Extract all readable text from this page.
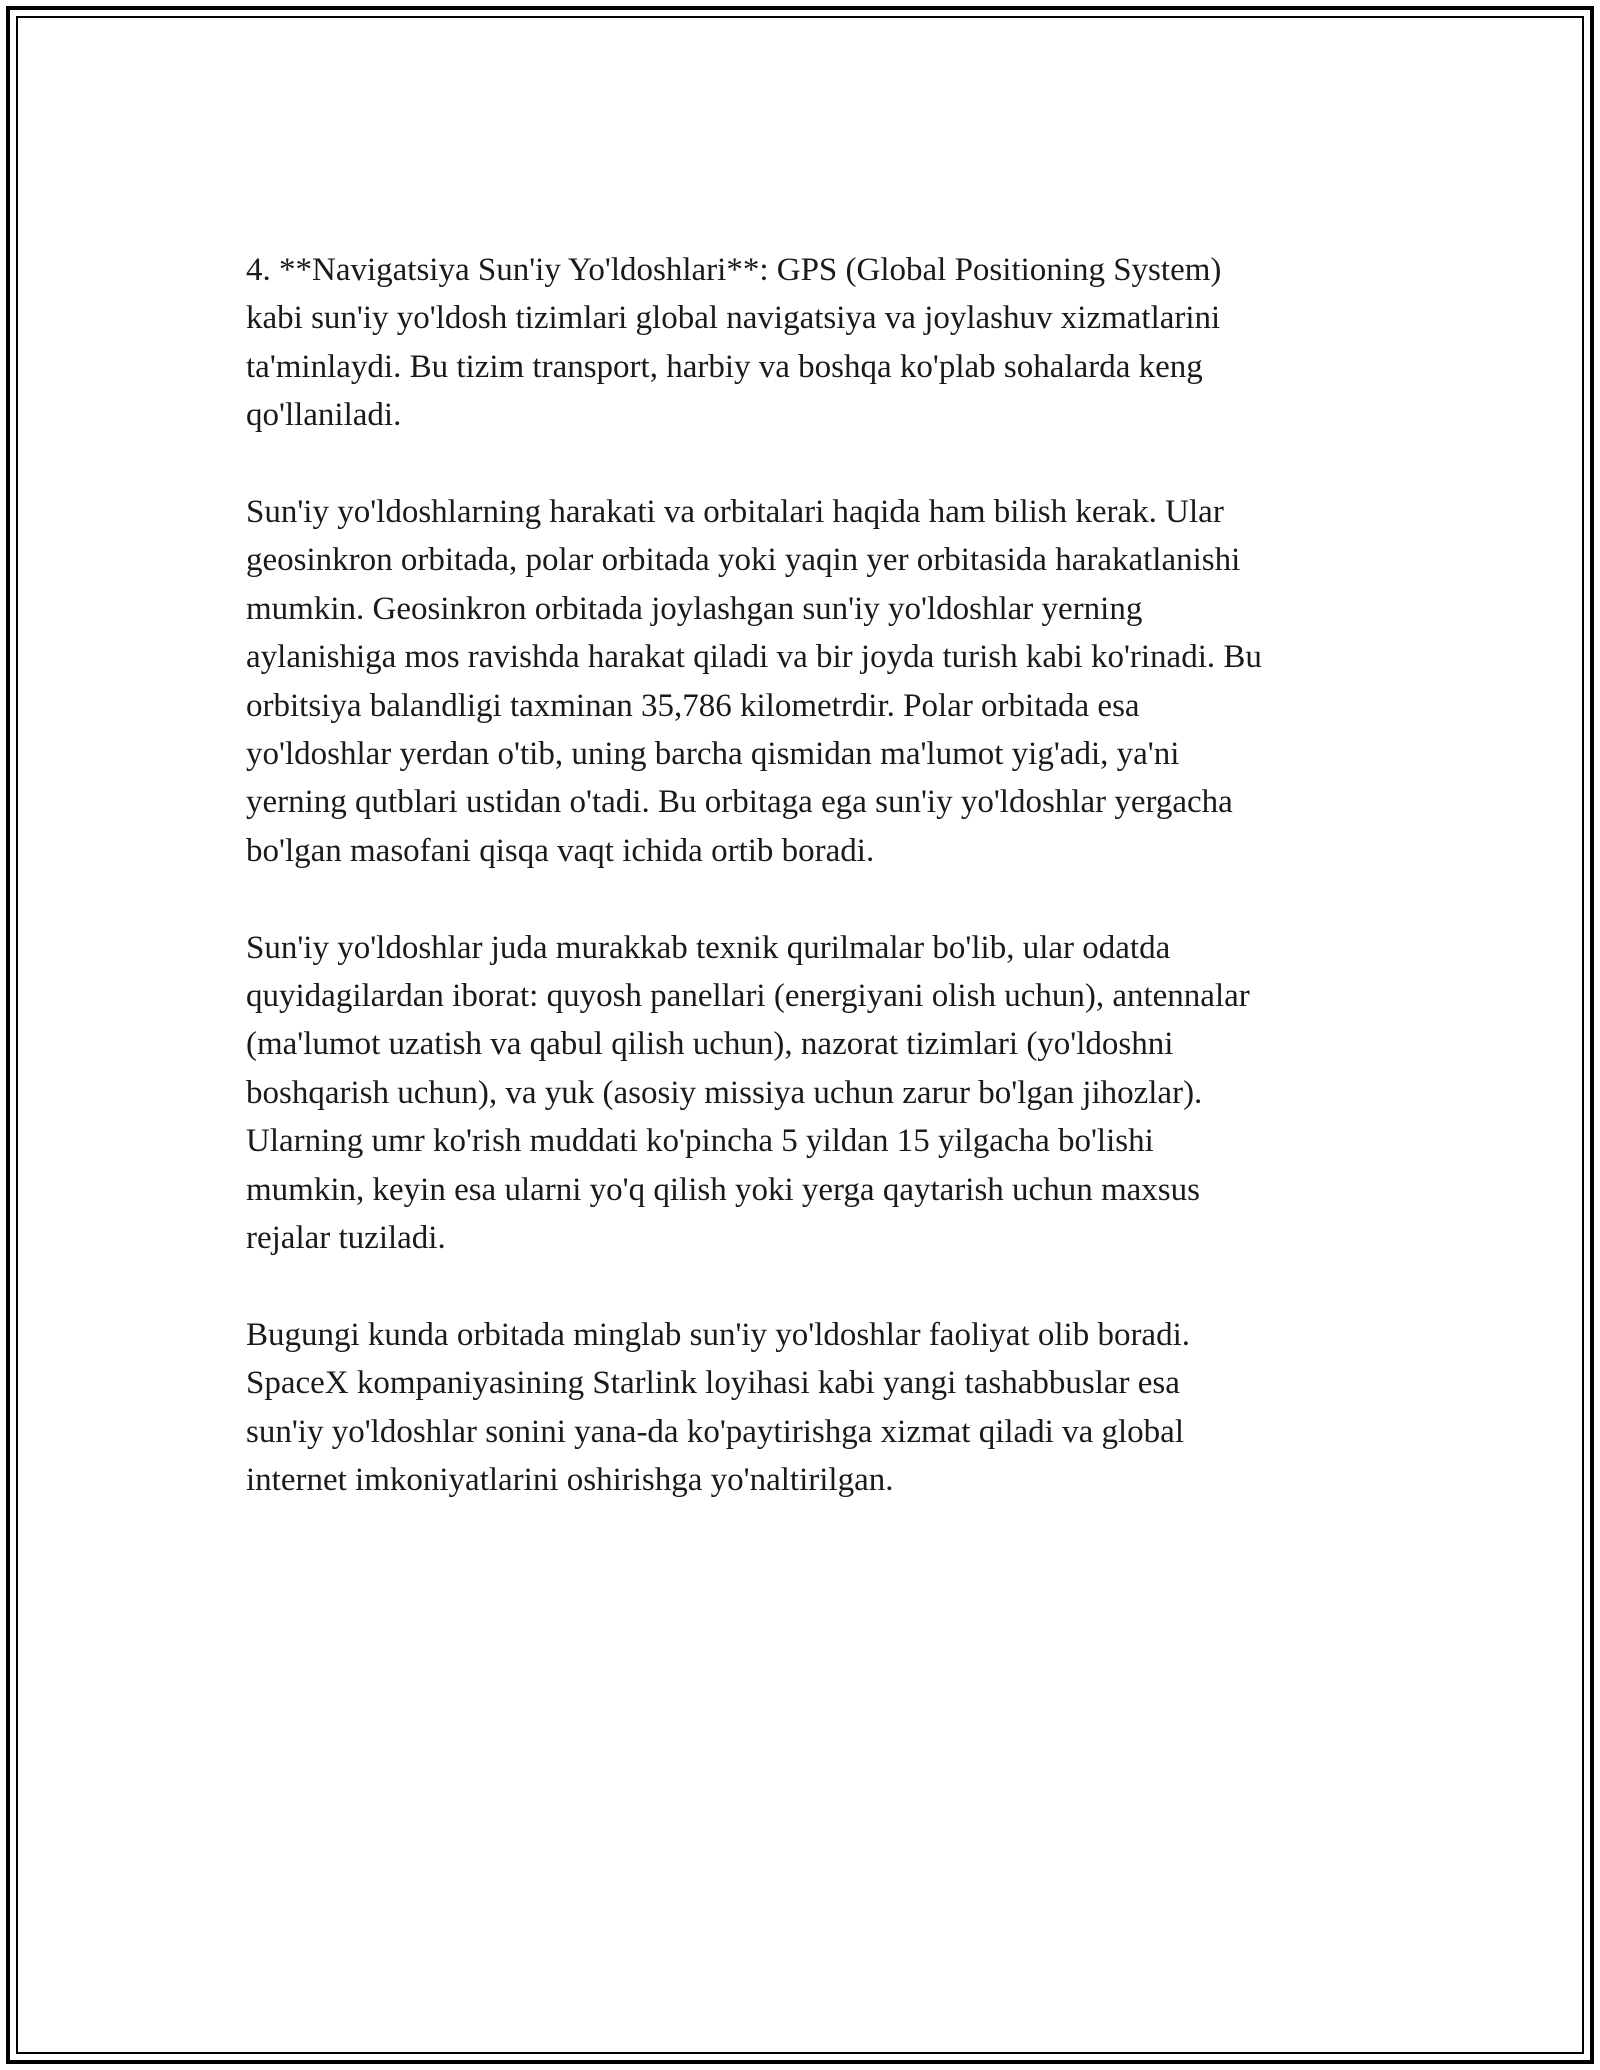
4. **Navigatsiya Sun'iy Yo'ldoshlari**: GPS (Global Positioning System)
kabi sun'iy yo'ldosh tizimlari global navigatsiya va joylashuv xizmatlarini
ta'minlaydi. Bu tizim transport, harbiy va boshqa ko'plab sohalarda keng
qo'llaniladi.

Sun'iy yo'ldoshlarning harakati va orbitalari haqida ham bilish kerak. Ular
geosinkron orbitada, polar orbitada yoki yaqin yer orbitasida harakatlanishi
mumkin. Geosinkron orbitada joylashgan sun'iy yo'ldoshlar yerning
aylanishiga mos ravishda harakat qiladi va bir joyda turish kabi ko'rinadi. Bu
orbitsiya balandligi taxminan 35,786 kilometrdir. Polar orbitada esa
yo'ldoshlar yerdan o'tib, uning barcha qismidan ma'lumot yig'adi, ya'ni
yerning qutblari ustidan o'tadi. Bu orbitaga ega sun'iy yo'ldoshlar yergacha
bo'lgan masofani qisqa vaqt ichida ortib boradi.

Sun'iy yo'ldoshlar juda murakkab texnik qurilmalar bo'lib, ular odatda
quyidagilardan iborat: quyosh panellari (energiyani olish uchun), antennalar
(ma'lumot uzatish va qabul qilish uchun), nazorat tizimlari (yo'ldoshni
boshqarish uchun), va yuk (asosiy missiya uchun zarur bo'lgan jihozlar).
Ularning umr ko'rish muddati ko'pincha 5 yildan 15 yilgacha bo'lishi
mumkin, keyin esa ularni yo'q qilish yoki yerga qaytarish uchun maxsus
rejalar tuziladi.

Bugungi kunda orbitada minglab sun'iy yo'ldoshlar faoliyat olib boradi.
SpaceX kompaniyasining Starlink loyihasi kabi yangi tashabbuslar esa
sun'iy yo'ldoshlar sonini yana-da ko'paytirishga xizmat qiladi va global
internet imkoniyatlarini oshirishga yo'naltirilgan.
